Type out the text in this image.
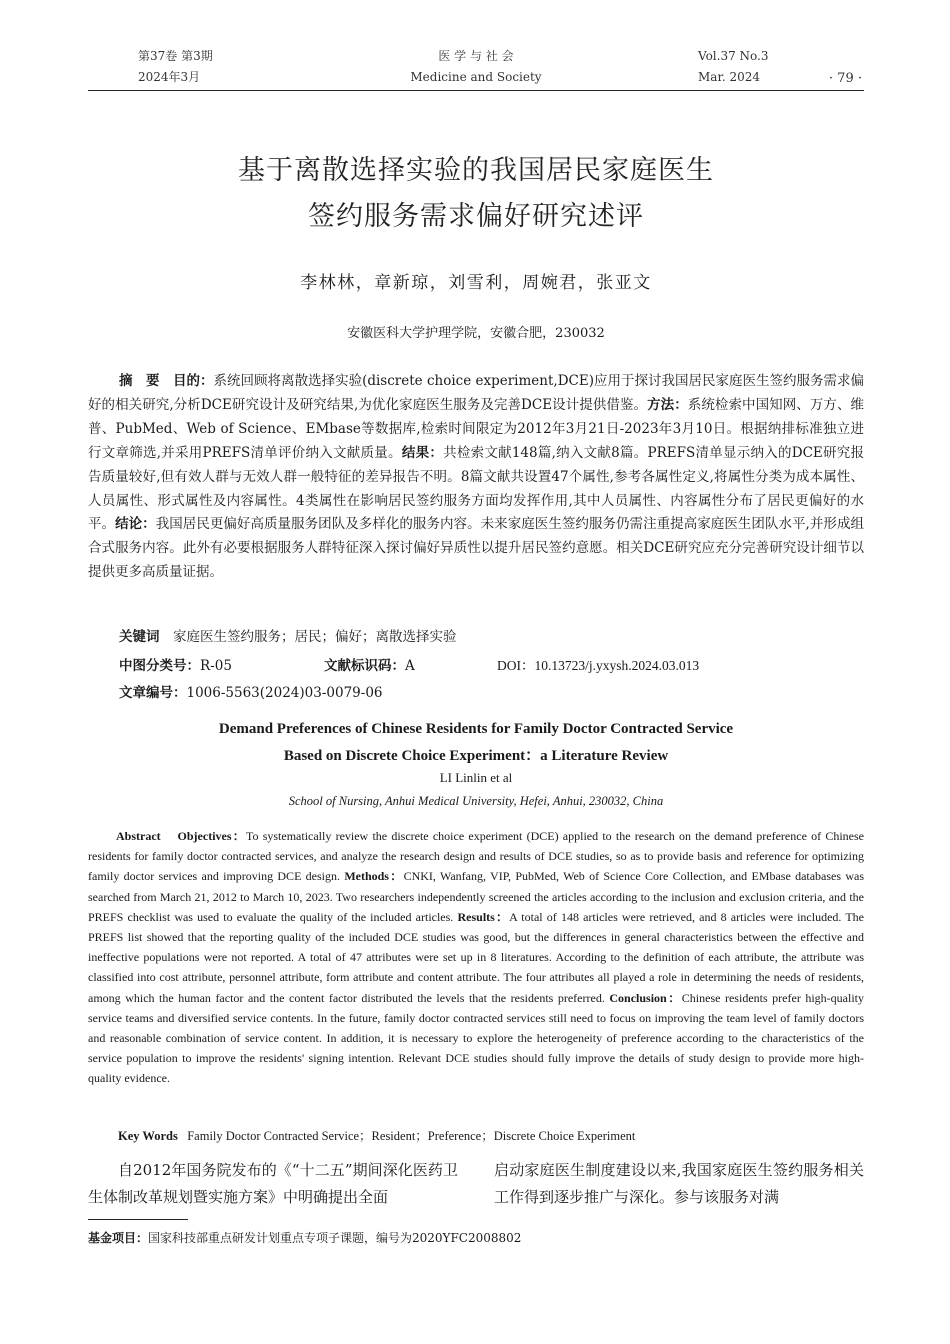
第37卷 第3期
2024年3月
医 学 与 社 会
Medicine and Society
Vol.37 No.3
Mar. 2024	· 79 ·
基于离散选择实验的我国居民家庭医生
签约服务需求偏好研究述评
李林林，章新琼，刘雪利，周婉君，张亚文
安徽医科大学护理学院，安徽合肥，230032
摘　要　 目的：系统回顾将离散选择实验(discrete choice experiment,DCE)应用于探讨我国居民家庭医生签约服务需求偏好的相关研究,分析DCE研究设计及研究结果,为优化家庭医生服务及完善DCE设计提供借鉴。方法：系统检索中国知网、万方、维普、PubMed、Web of Science、EMbase等数据库,检索时间限定为2012年3月21日-2023年3月10日。根据纳排标准独立进行文章筛选,并采用PREFS清单评价纳入文献质量。结果：共检索文献148篇,纳入文献8篇。PREFS清单显示纳入的DCE研究报告质量较好,但有效人群与无效人群一般特征的差异报告不明。8篇文献共设置47个属性,参考各属性定义,将属性分类为成本属性、人员属性、形式属性及内容属性。4类属性在影响居民签约服务方面均发挥作用,其中人员属性、内容属性分布了居民更偏好的水平。结论：我国居民更偏好高质量服务团队及多样化的服务内容。未来家庭医生签约服务仍需注重提高家庭医生团队水平,并形成组合式服务内容。此外有必要根据服务人群特征深入探讨偏好异质性以提升居民签约意愿。相关DCE研究应充分完善研究设计细节以提供更多高质量证据。
关键词　 家庭医生签约服务；居民；偏好；离散选择实验
中图分类号：R-05	文献标识码：A	DOI：10.13723/j.yxysh.2024.03.013
文章编号：1006-5563(2024)03-0079-06
Demand Preferences of Chinese Residents for Family Doctor Contracted Service
Based on Discrete Choice Experiment：a Literature Review
LI Linlin et al
School of Nursing, Anhui Medical University, Hefei, Anhui, 230032, China
Abstract Objectives：To systematically review the discrete choice experiment (DCE) applied to the research on the demand preference of Chinese residents for family doctor contracted services, and analyze the research design and results of DCE studies, so as to provide basis and reference for optimizing family doctor services and improving DCE design. Methods：CNKI, Wanfang, VIP, PubMed, Web of Science Core Collection, and EMbase databases was searched from March 21, 2012 to March 10, 2023. Two researchers independently screened the articles according to the inclusion and exclusion criteria, and the PREFS checklist was used to evaluate the quality of the included articles. Results：A total of 148 articles were retrieved, and 8 articles were included. The PREFS list showed that the reporting quality of the included DCE studies was good, but the differences in general characteristics between the effective and ineffective populations were not reported. A total of 47 attributes were set up in 8 literatures. According to the definition of each attribute, the attribute was classified into cost attribute, personnel attribute, form attribute and content attribute. The four attributes all played a role in determining the needs of residents, among which the human factor and the content factor distributed the levels that the residents preferred. Conclusion：Chinese residents prefer high-quality service teams and diversified service contents. In the future, family doctor contracted services still need to focus on improving the team level of family doctors and reasonable combination of service content. In addition, it is necessary to explore the heterogeneity of preference according to the characteristics of the service population to improve the residents' signing intention. Relevant DCE studies should fully improve the details of study design to provide more high-quality evidence.
Key Words Family Doctor Contracted Service；Resident；Preference；Discrete Choice Experiment
自2012年国务院发布的《“十二五”期间深化医药卫生体制改革规划暨实施方案》中明确提出全面
启动家庭医生制度建设以来,我国家庭医生签约服务相关工作得到逐步推广与深化。参与该服务对满
基金项目：国家科技部重点研发计划重点专项子课题，编号为2020YFC2008802
